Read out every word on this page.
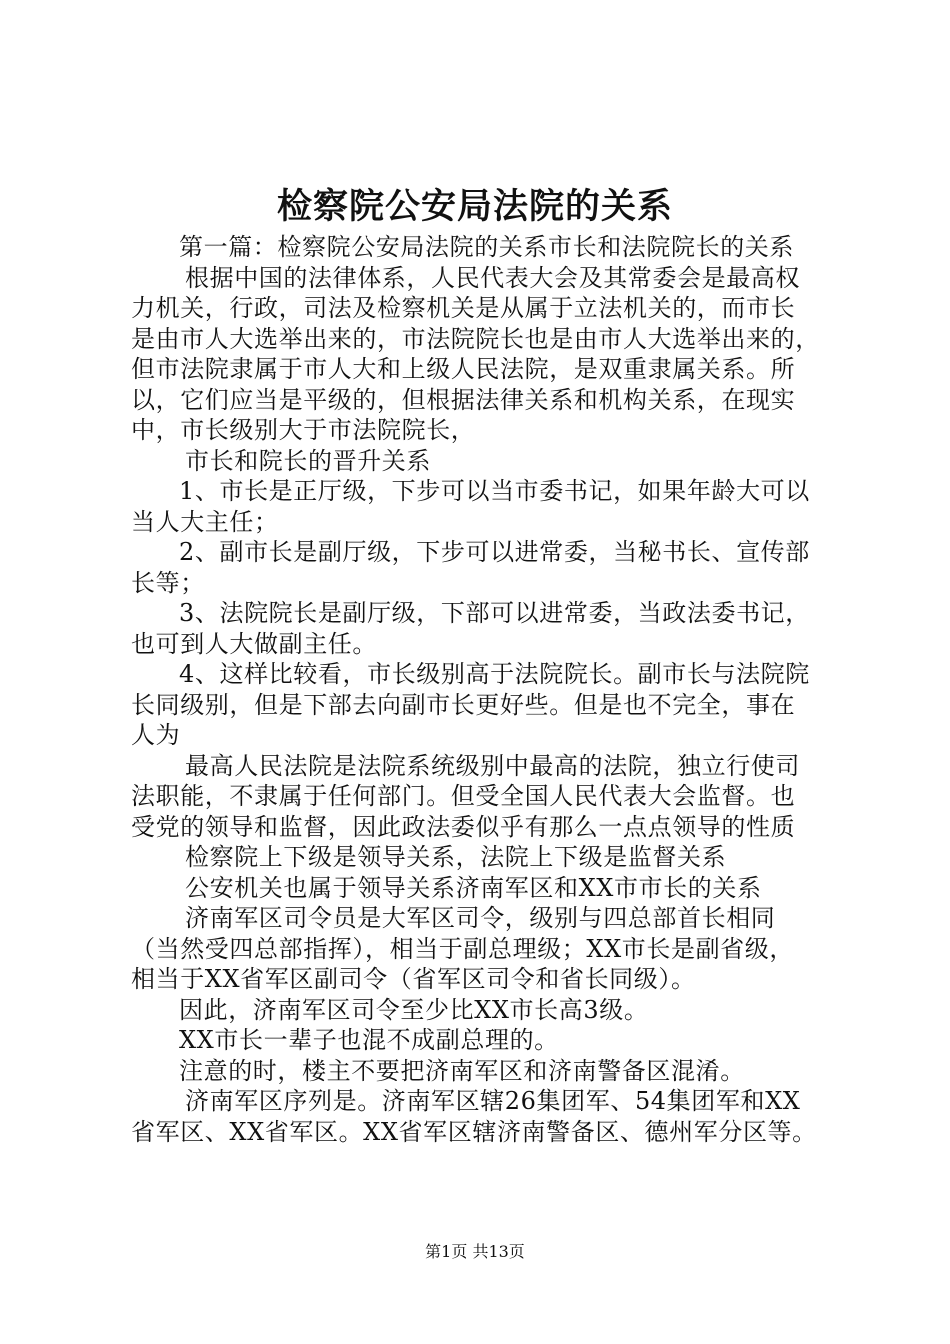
检察院公安局法院的关系
第一篇：检察院公安局法院的关系市长和法院院长的关系
根据中国的法律体系，人民代表大会及其常委会是最高权
力机关，行政，司法及检察机关是从属于立法机关的，而市长
是由市人大选举出来的，市法院院长也是由市人大选举出来的，
但市法院隶属于市人大和上级人民法院，是双重隶属关系。所
以，它们应当是平级的，但根据法律关系和机构关系，在现实
中，市长级别大于市法院院长，
市长和院长的晋升关系
1、市长是正厅级，下步可以当市委书记，如果年龄大可以
当人大主任；
2、副市长是副厅级，下步可以进常委，当秘书长、宣传部
长等；
3、法院院长是副厅级，下部可以进常委，当政法委书记，
也可到人大做副主任。
4、这样比较看，市长级别高于法院院长。副市长与法院院
长同级别，但是下部去向副市长更好些。但是也不完全，事在
人为
最高人民法院是法院系统级别中最高的法院，独立行使司
法职能，不隶属于任何部门。但受全国人民代表大会监督。也
受党的领导和监督，因此政法委似乎有那么一点点领导的性质
检察院上下级是领导关系，法院上下级是监督关系
公安机关也属于领导关系济南军区和XX市市长的关系
济南军区司令员是大军区司令，级别与四总部首长相同
（当然受四总部指挥），相当于副总理级；XX市长是副省级，
相当于XX省军区副司令（省军区司令和省长同级）。
因此，济南军区司令至少比XX市长高3级。
XX市长一辈子也混不成副总理的。
注意的时，楼主不要把济南军区和济南警备区混淆。
济南军区序列是。济南军区辖26集团军、54集团军和XX
省军区、XX省军区。XX省军区辖济南警备区、德州军分区等。
第1页 共13页
